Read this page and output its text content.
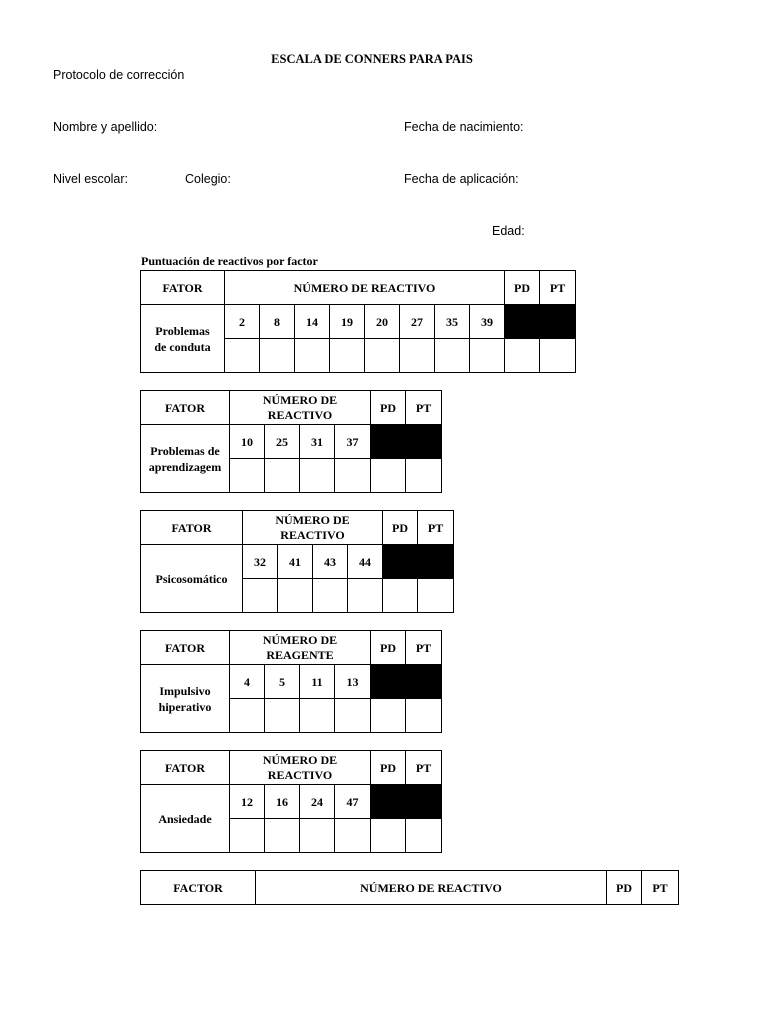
ESCALA DE CONNERS PARA PAIS
Protocolo de corrección
Nombre y apellido:	Fecha de nacimiento:
Nivel escolar:	Colegio:	Fecha de aplicación:
Edad:
Puntuación de reactivos por factor
FATOR	NÚMERO DE REACTIVO								PD	PT
Problemas de conduta	2	8	14	19	20	27	35	39		

FATOR	NÚMERO DE REACTIVO				PD	PT
Problemas de aprendizagem	10	25	31	37		

FATOR	NÚMERO DE REACTIVO				PD	PT
Psicosomático	32	41	43	44		

FATOR	NÚMERO DE REAGENTE				PD	PT
Impulsivo hiperativo	4	5	11	13		

FATOR	NÚMERO DE REACTIVO				PD	PT
Ansiedade	12	16	24	47		

FACTOR	NÚMERO DE REACTIVO	PD	PT
